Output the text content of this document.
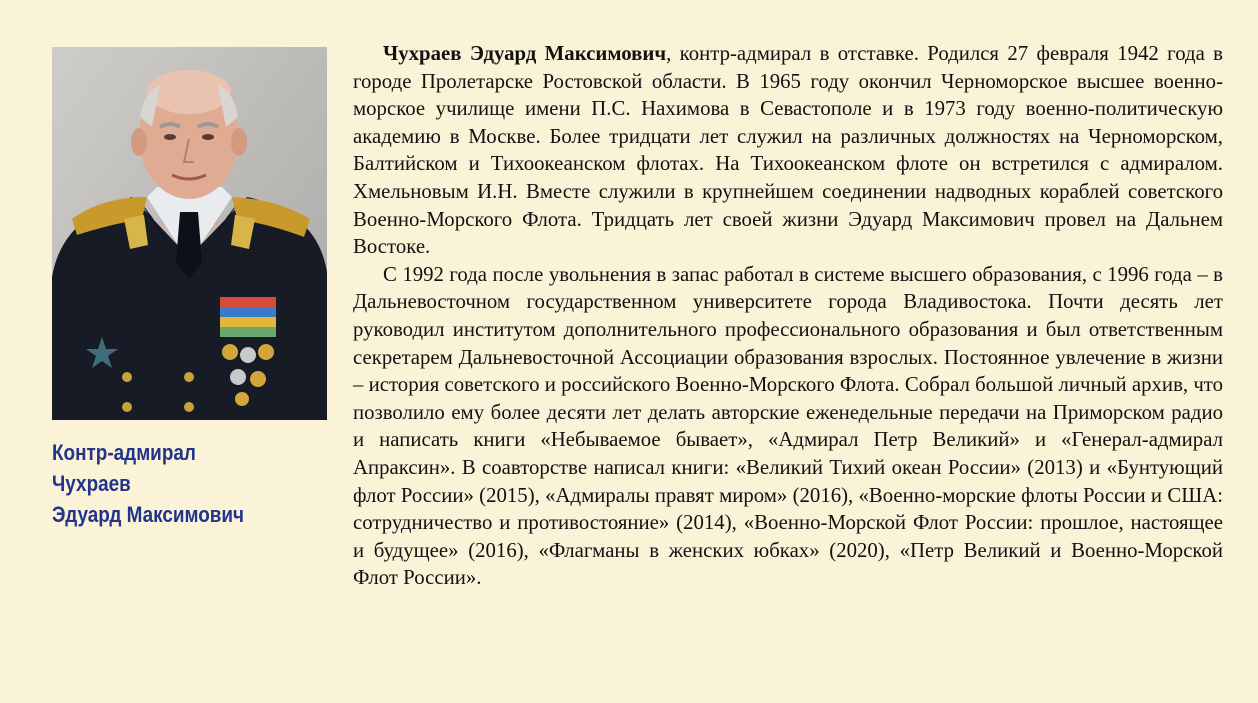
Контр-адмирал
Чухраев
Эдуард Максимович

Чухраев Эдуард Максимович, контр-адмирал в отставке. Родился 27 февраля 1942 года в городе Пролетарске Ростовской области. В 1965 году окончил Черноморское высшее военно-морское училище имени П.С. Нахимова в Севастополе и в 1973 году военно-политическую академию в Москве. Более тридцати лет служил на различных должностях на Черноморском, Балтийском и Тихоокеанском флотах. На Тихоокеанском флоте он встретился с адмиралом. Хмельновым И.Н. Вместе служили в крупнейшем соединении надводных кораблей советского Военно-Морского Флота. Тридцать лет своей жизни Эдуард Максимович провел на Дальнем Востоке.

С 1992 года после увольнения в запас работал в системе высшего образования, с 1996 года – в Дальневосточном государственном университете города Владивостока. Почти десять лет руководил институтом дополнительного профессионального образования и был ответственным секретарем Дальневосточной Ассоциации образования взрослых. Постоянное увлечение в жизни – история советского и российского Военно-Морского Флота. Собрал большой личный архив, что позволило ему более десяти лет делать авторские еженедельные передачи на Приморском радио и написать книги «Небываемое бывает», «Адмирал Петр Великий» и «Генерал-адмирал Апраксин». В соавторстве написал книги: «Великий Тихий океан России» (2013) и «Бунтующий флот России» (2015), «Адмиралы правят миром» (2016), «Военно-морские флоты России и США: сотрудничество и противостояние» (2014), «Военно-Морской Флот России: прошлое, настоящее и будущее» (2016), «Флагманы в женских юбках» (2020), «Петр Великий и Военно-Морской Флот России».
